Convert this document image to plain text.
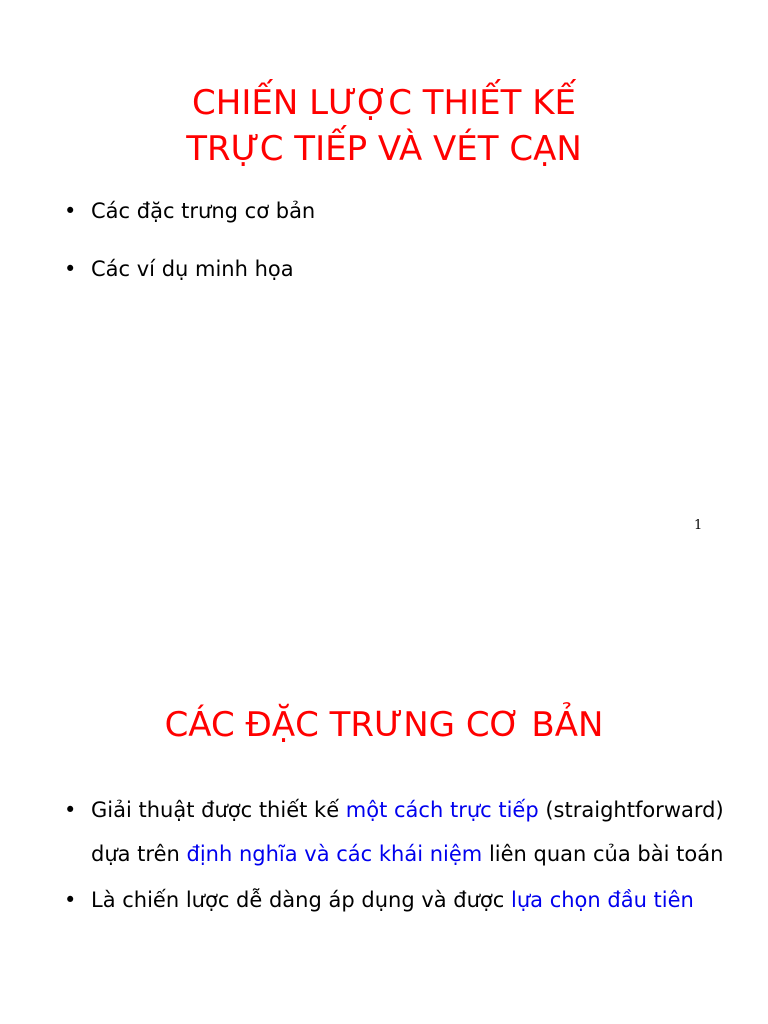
CHIẾN LƯỢC THIẾT KẾ
TRỰC TIẾP VÀ VÉT CẠN
• Các đặc trưng cơ bản
• Các ví dụ minh họa
1
CÁC ĐẶC TRƯNG CƠ BẢN
• Giải thuật được thiết kế một cách trực tiếp (straightforward) dựa trên định nghĩa và các khái niệm liên quan của bài toán
• Là chiến lược dễ dàng áp dụng và được lựa chọn đầu tiên
